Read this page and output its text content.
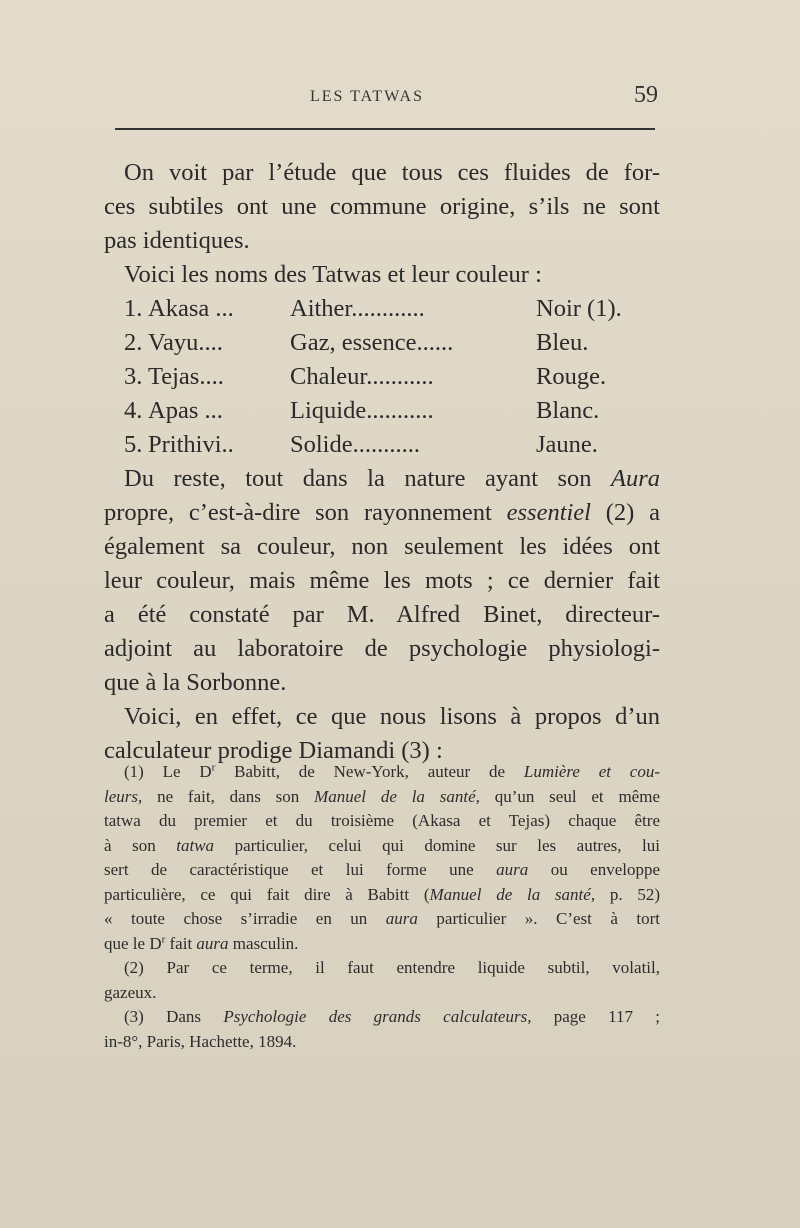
LES TATWAS	59
On voit par l’étude que tous ces fluides de for-
ces subtiles ont une commune origine, s’ils ne sont
pas identiques.
Voici les noms des Tatwas et leur couleur :
1. Akasa ... Aither............	Noir (1).
2. Vayu....	Gaz, essence......	Bleu.
3. Tejas....	Chaleur...........	Rouge.
4. Apas ...	Liquide...........	Blanc.
5. Prithivi.. Solide...........	Jaune.
Du reste, tout dans la nature ayant son Aura
propre, c’est-à-dire son rayonnement essentiel (2) a
également sa couleur, non seulement les idées ont
leur couleur, mais même les mots ; ce dernier fait
a été constaté par M. Alfred Binet, directeur-
adjoint au laboratoire de psychologie physiologi-
que à la Sorbonne.
Voici, en effet, ce que nous lisons à propos d’un
calculateur prodige Diamandi (3) :
(1) Le $D^r$ Babitt, de New-York, auteur de Lumière et cou-
leurs, ne fait, dans son Manuel de la santé, qu’un seul et même
tatwa du premier et du troisième (Akasa et Tejas) chaque être
à son tatwa particulier, celui qui domine sur les autres, lui
sert de caractéristique et lui forme une aura ou enveloppe
particulière, ce qui fait dire à Babitt (Manuel de la santé, p. 52)
« toute chose s’irradie en un aura particulier ». C’est à tort
que le $D^r$ fait aura masculin.
(2) Par ce terme, il faut entendre liquide subtil, volatil,
gazeux.
(3) Dans Psychologie des grands calculateurs, page 117 ;
in-8°, Paris, Hachette, 1894.
